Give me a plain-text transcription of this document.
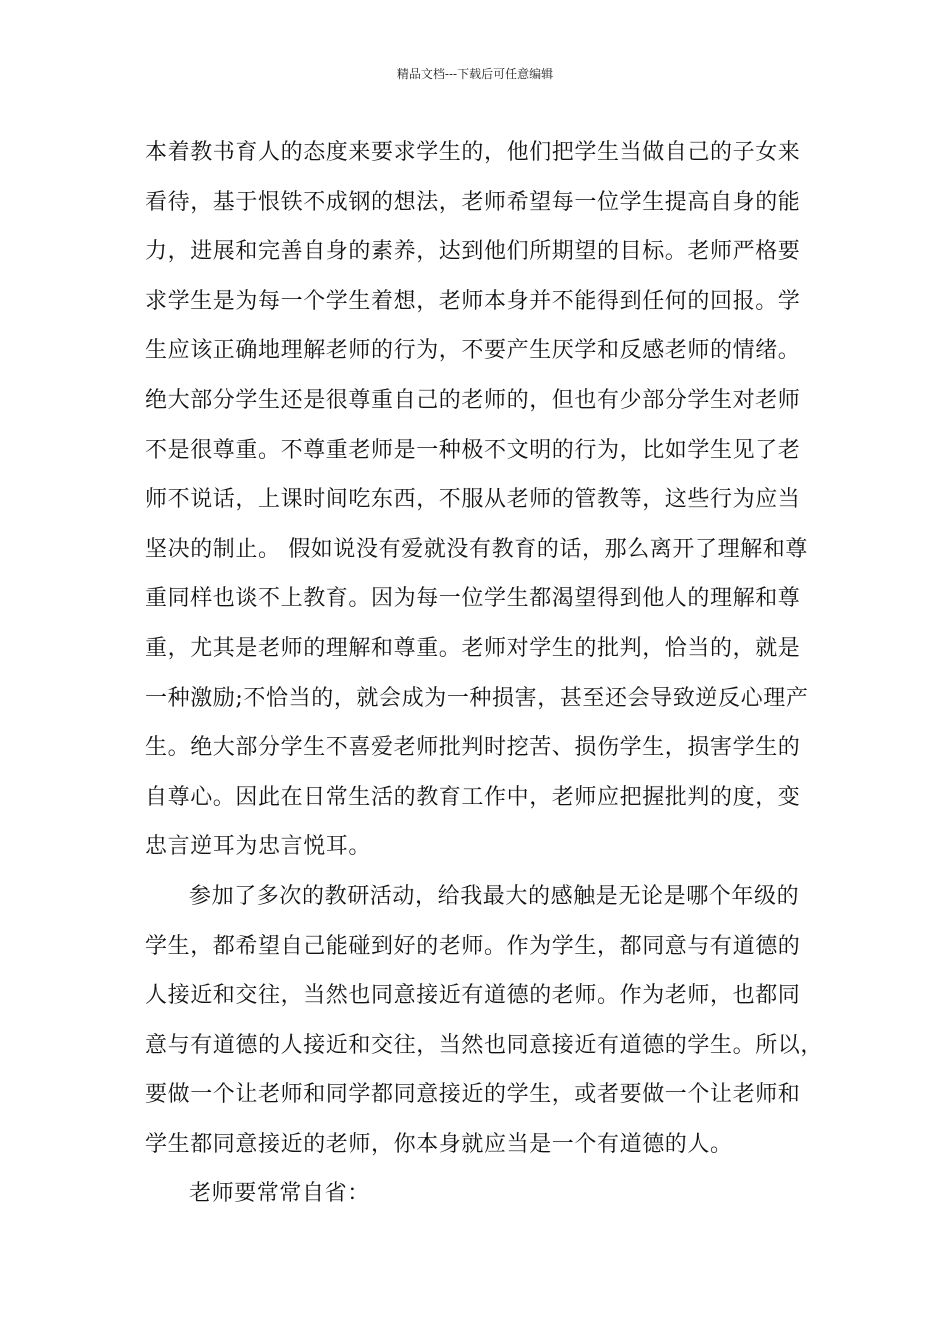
精品文档---下载后可任意编辑
本着教书育人的态度来要求学生的，他们把学生当做自己的子女来
看待，基于恨铁不成钢的想法，老师希望每一位学生提高自身的能
力，进展和完善自身的素养，达到他们所期望的目标。老师严格要
求学生是为每一个学生着想，老师本身并不能得到任何的回报。学
生应该正确地理解老师的行为，不要产生厌学和反感老师的情绪。
绝大部分学生还是很尊重自己的老师的，但也有少部分学生对老师
不是很尊重。不尊重老师是一种极不文明的行为，比如学生见了老
师不说话，上课时间吃东西，不服从老师的管教等，这些行为应当
坚决的制止。 假如说没有爱就没有教育的话，那么离开了理解和尊
重同样也谈不上教育。因为每一位学生都渴望得到他人的理解和尊
重，尤其是老师的理解和尊重。老师对学生的批判，恰当的，就是
一种激励;不恰当的，就会成为一种损害，甚至还会导致逆反心理产
生。绝大部分学生不喜爱老师批判时挖苦、损伤学生，损害学生的
自尊心。因此在日常生活的教育工作中，老师应把握批判的度，变
忠言逆耳为忠言悦耳。
参加了多次的教研活动，给我最大的感触是无论是哪个年级的
学生，都希望自己能碰到好的老师。作为学生，都同意与有道德的
人接近和交往，当然也同意接近有道德的老师。作为老师，也都同
意与有道德的人接近和交往，当然也同意接近有道德的学生。所以，
要做一个让老师和同学都同意接近的学生，或者要做一个让老师和
学生都同意接近的老师，你本身就应当是一个有道德的人。
老师要常常自省：
